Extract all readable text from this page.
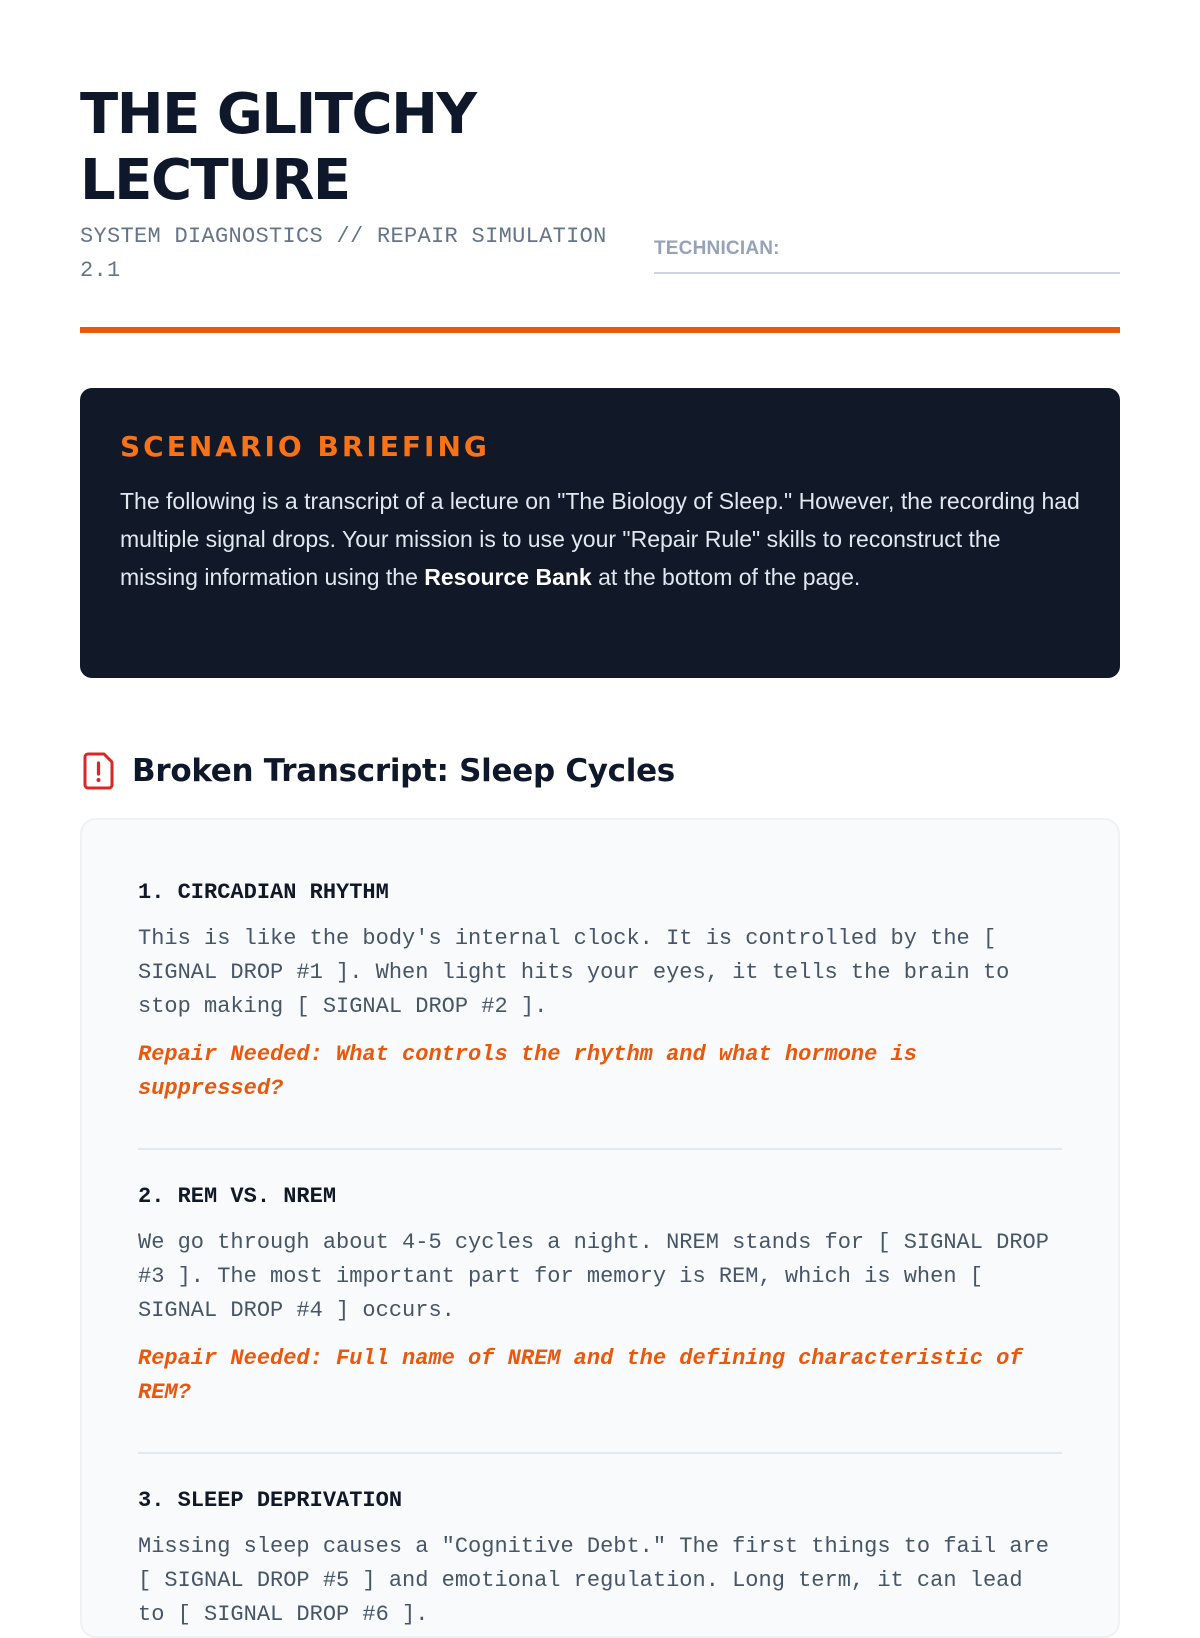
THE GLITCHY LECTURE
SYSTEM DIAGNOSTICS // REPAIR SIMULATION 2.1
TECHNICIAN:
SCENARIO BRIEFING

The following is a transcript of a lecture on "The Biology of Sleep." However, the recording had multiple signal drops. Your mission is to use your "Repair Rule" skills to reconstruct the missing information using the Resource Bank at the bottom of the page.

Broken Transcript: Sleep Cycles
1. CIRCADIAN RHYTHM

This is like the body's internal clock. It is controlled by the [ SIGNAL DROP #1 ]. When light hits your eyes, it tells the brain to stop making [ SIGNAL DROP #2 ].

Repair Needed: What controls the rhythm and what hormone is suppressed?

2. REM VS. NREM

We go through about 4-5 cycles a night. NREM stands for [ SIGNAL DROP #3 ]. The most important part for memory is REM, which is when [ SIGNAL DROP #4 ] occurs.

Repair Needed: Full name of NREM and the defining characteristic of REM?

3. SLEEP DEPRIVATION

Missing sleep causes a "Cognitive Debt." The first things to fail are [ SIGNAL DROP #5 ] and emotional regulation. Long term, it can lead to [ SIGNAL DROP #6 ].
